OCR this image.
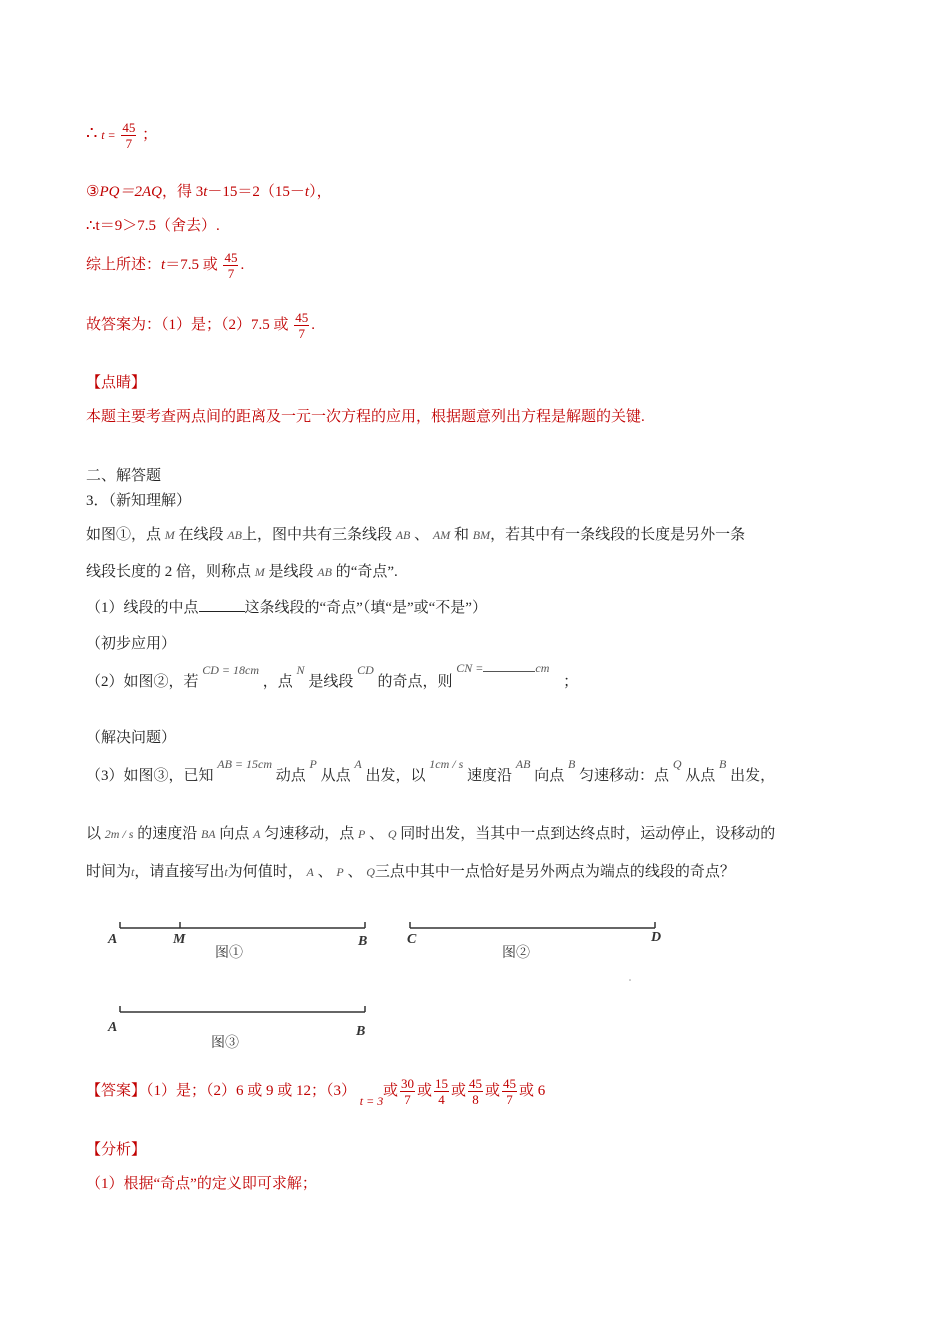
∴ $t = \frac{45}{7}$ ；
③PQ＝2AQ，得 3t－15＝2（15－t），
∴t＝9＞7.5（舍去）.
综上所述：t＝7.5 或 $\frac{45}{7}$ .
故答案为：（1）是；（2）7.5 或 $\frac{45}{7}$ .
【点睛】
本题主要考查两点间的距离及一元一次方程的应用，根据题意列出方程是解题的关键.
二、解答题
3．（新知理解）
如图①，点 M 在线段 AB上，图中共有三条线段 AB 、 AM 和 BM，若其中有一条线段的长度是另外一条
线段长度的 2 倍，则称点 M 是线段 AB 的“奇点”.
（1）线段的中点	这条线段的“奇点”（填“是”或“不是”）
（初步应用）
（2）如图②，若 $^{CD = 18cm}$ ，点 $^N$ 是线段 $^{CD}$ 的奇点，则 CN =	cm ；
（解决问题）
（3）如图③，已知 $^{AB = 15cm}$ 动点 $^P$ 从点 $^A$ 出发，以 $^{1cm / s}$ 速度沿 $^{AB}$ 向点 $^B$ 匀速移动：点 $^Q$ 从点 $^B$ 出发，
以 2m / s 的速度沿 BA 向点 A 匀速移动，点 P 、 Q 同时出发，当其中一点到达终点时，运动停止，设移动的
时间为t，请直接写出t为何值时， A 、 P 、 Q三点中其中一点恰好是另外两点为端点的线段的奇点？
A	M	B
图①
C	D
图②
A	B
图③
【答案】（1）是；（2）6 或 9 或 12；（3） $_{t = 3}$ 或 $\frac{30}{7}$ 或 $\frac{15}{4}$ 或 $\frac{45}{8}$ 或 $\frac{45}{7}$ 或 6
【分析】
（1）根据“奇点”的定义即可求解；
